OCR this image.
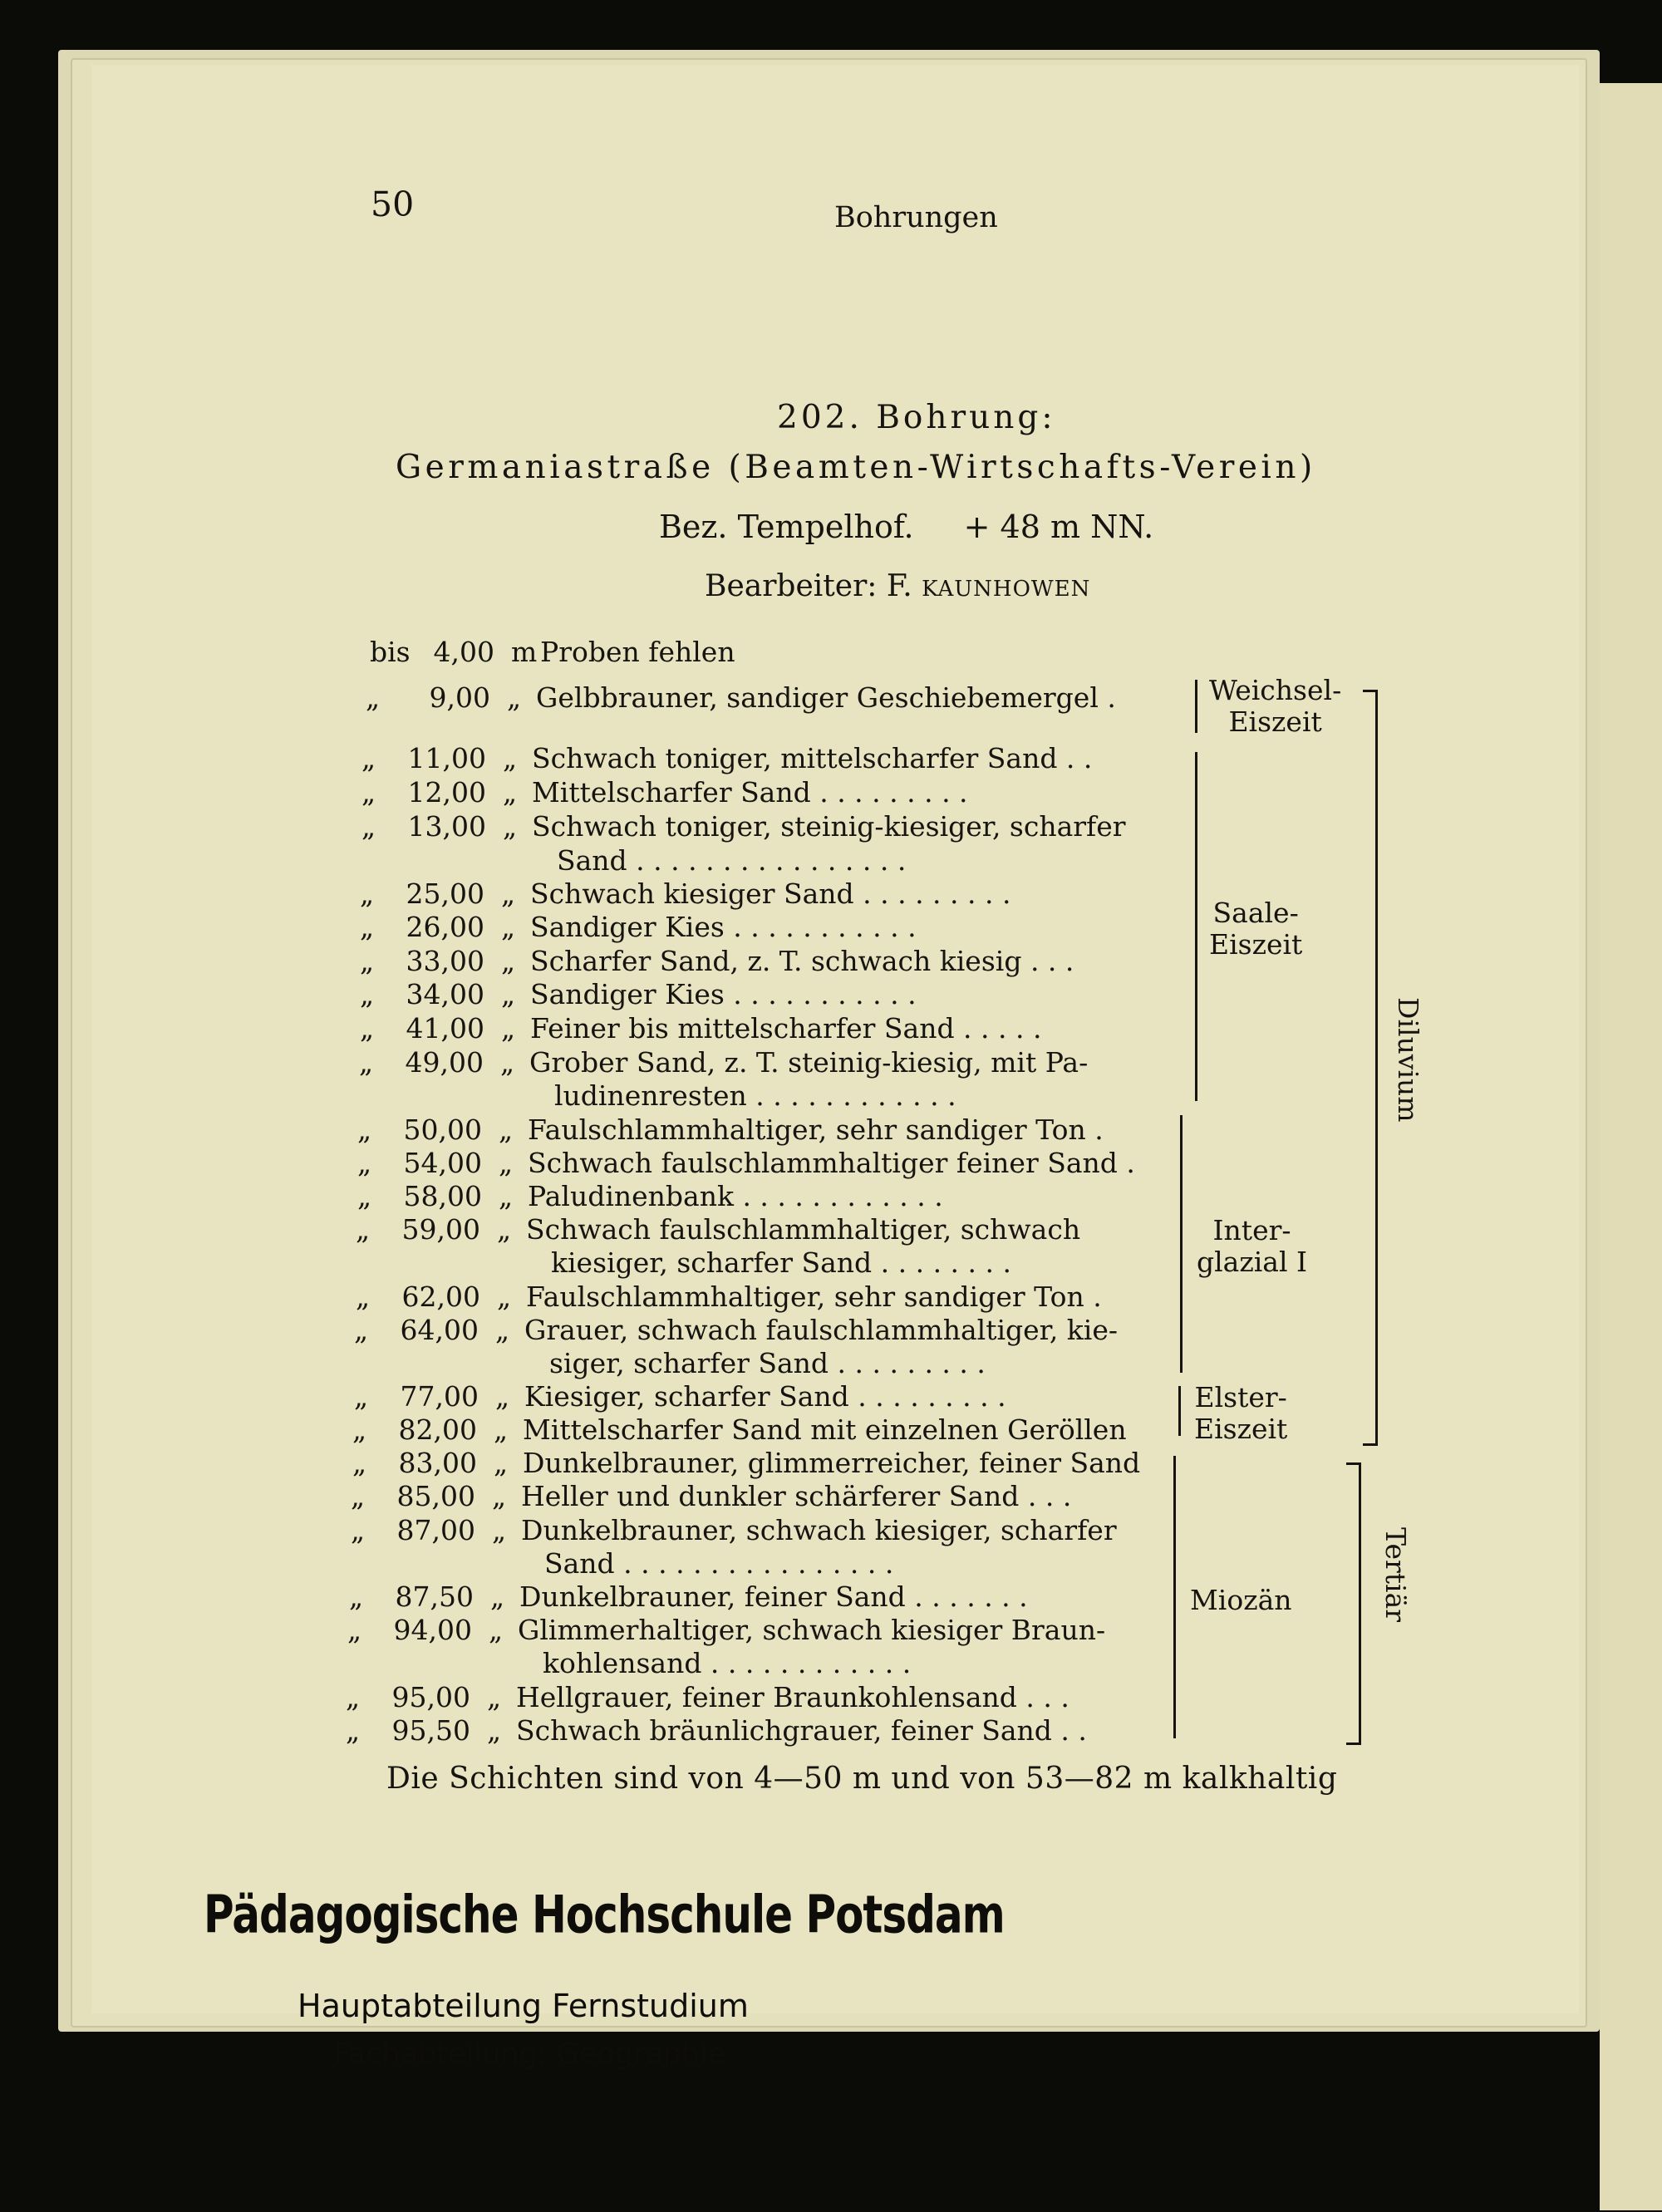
50	Bohrungen
202. Bohrung:
Germaniastraße (Beamten-Wirtschafts-Verein)
Bez. Tempelhof. + 48 m NN.
Bearbeiter: F. KAUNHOWEN
bis 4,00 m Proben fehlen
„	9,00 „ Gelbbrauner, sandiger Geschiebemergel .
„	11,00 „ Schwach toniger, mittelscharfer Sand . .
„	12,00 „ Mittelscharfer Sand . . . . . . . . .
„	13,00 „ Schwach toniger, steinig-kiesiger, scharfer
Sand . . . . . . . . . . . . . . . .
„	25,00 „ Schwach kiesiger Sand . . . . . . . . .
„	26,00 „ Sandiger Kies . . . . . . . . . . .
„	33,00 „ Scharfer Sand, z. T. schwach kiesig . . .
„	34,00 „ Sandiger Kies . . . . . . . . . . .
„	41,00 „ Feiner bis mittelscharfer Sand . . . . .
„	49,00 „ Grober Sand, z. T. steinig-kiesig, mit Pa-
ludinenresten . . . . . . . . . . . .
„	50,00 „ Faulschlammhaltiger, sehr sandiger Ton .
„	54,00 „ Schwach faulschlammhaltiger feiner Sand .
„	58,00 „ Paludinenbank . . . . . . . . . . . .
„	59,00 „ Schwach faulschlammhaltiger, schwach
kiesiger, scharfer Sand . . . . . . . .
„	62,00 „ Faulschlammhaltiger, sehr sandiger Ton .
„	64,00 „ Grauer, schwach faulschlammhaltiger, kie-
siger, scharfer Sand . . . . . . . . .
„	77,00 „ Kiesiger, scharfer Sand . . . . . . . . .
„	82,00 „ Mittelscharfer Sand mit einzelnen Geröllen
„	83,00 „ Dunkelbrauner, glimmerreicher, feiner Sand
„	85,00 „ Heller und dunkler schärferer Sand . . .
„	87,00 „ Dunkelbrauner, schwach kiesiger, scharfer
Sand . . . . . . . . . . . . . . . .
„	87,50 „ Dunkelbrauner, feiner Sand . . . . . . .
„	94,00 „ Glimmerhaltiger, schwach kiesiger Braun-
kohlensand . . . . . . . . . . . .
„	95,00 „ Hellgrauer, feiner Braunkohlensand . . .
„	95,50 „ Schwach bräunlichgrauer, feiner Sand . .
Weichsel-
Eiszeit
Saale-
Eiszeit
Inter-
glazial I
Elster-
Eiszeit
Miozän
Diluvium
Tertiär
Die Schichten sind von 4—50 m und von 53—82 m kalkhaltig
Pädagogische Hochschule Potsdam
Hauptabteilung Fernstudium
Fachabteilung: Geographie
